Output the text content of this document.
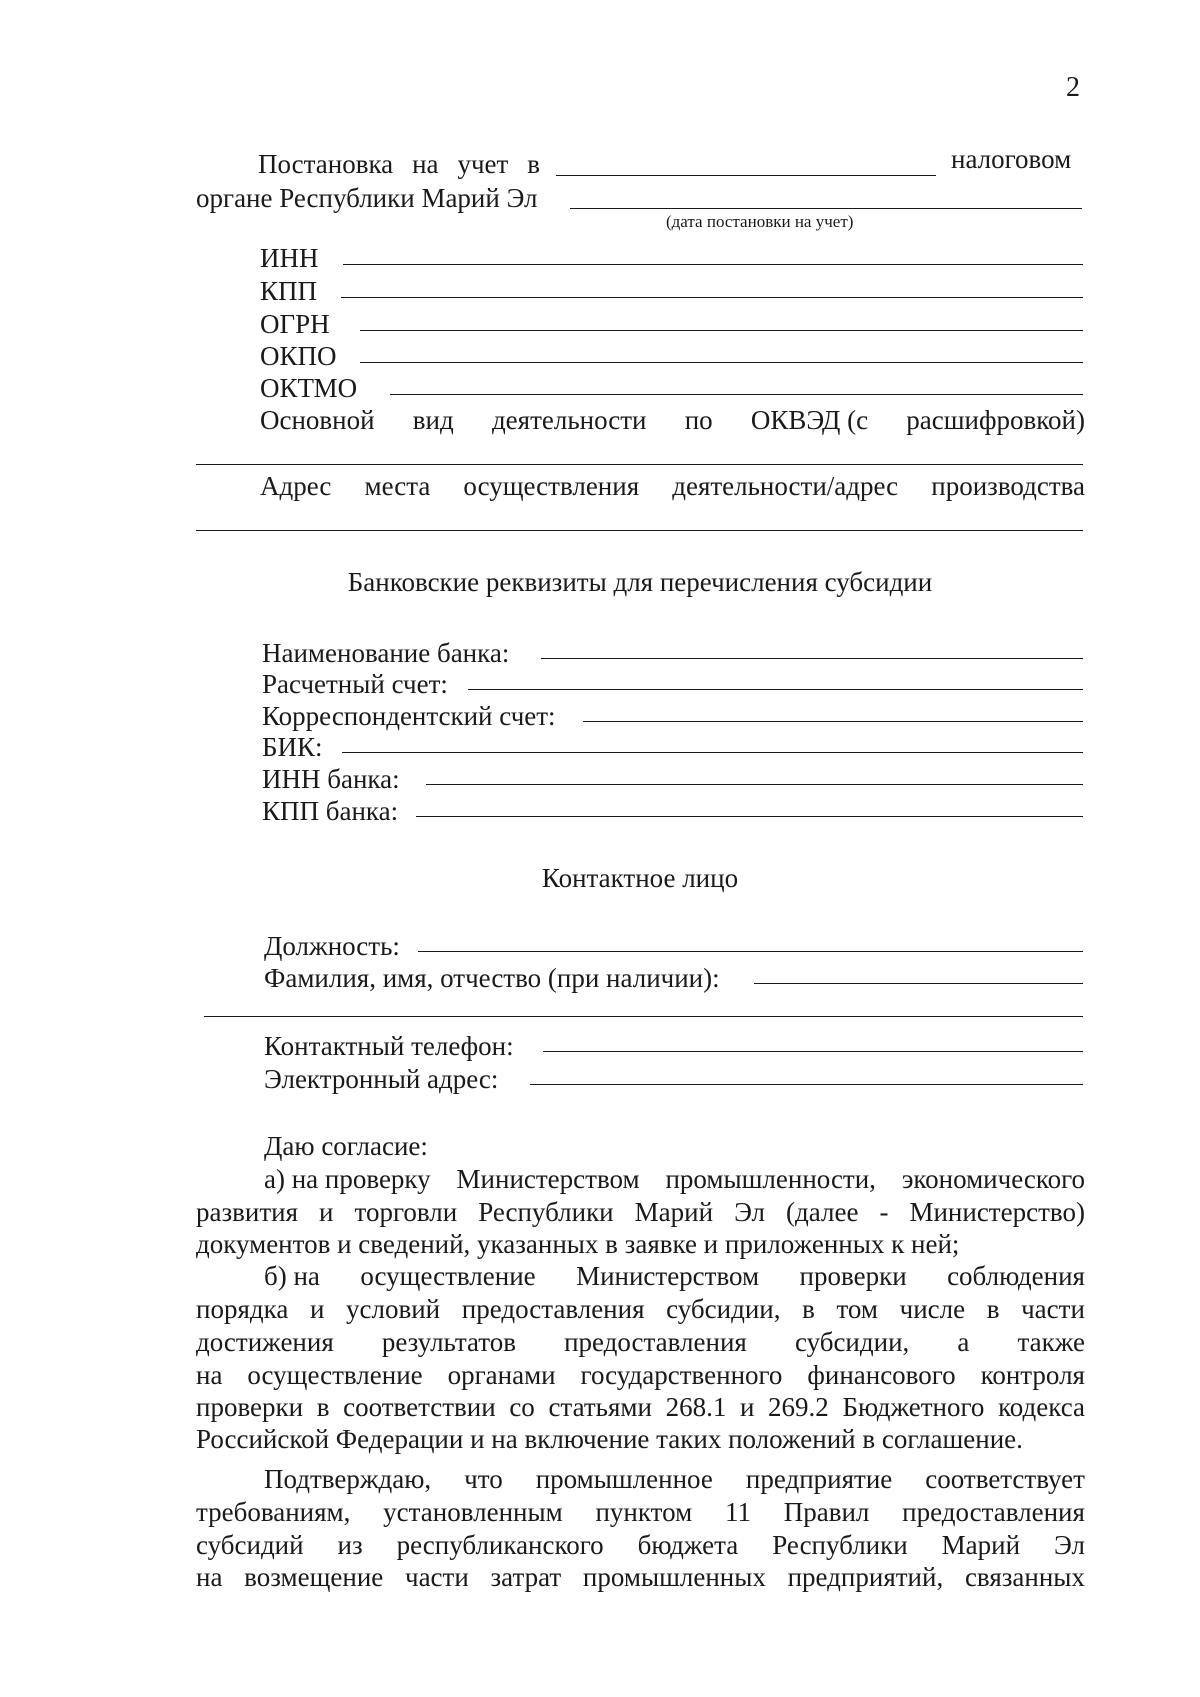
2
Постановка на учет в	налоговом
органе Республики Марий Эл
(дата постановки на учет)
ИНН
КПП
ОГРН
ОКПО
ОКТМО
Основной вид деятельности по ОКВЭД (с расшифровкой)
Адрес места осуществления деятельности/адрес производства
Банковские реквизиты для перечисления субсидии
Наименование банка:
Расчетный счет:
Корреспондентский счет:
БИК:
ИНН банка:
КПП банка:
Контактное лицо
Должность:
Фамилия, имя, отчество (при наличии):
Контактный телефон:
Электронный адрес:
Даю согласие:
а) на проверку Министерством промышленности, экономического
развития и торговли Республики Марий Эл (далее - Министерство)
документов и сведений, указанных в заявке и приложенных к ней;
б) на осуществление Министерством проверки соблюдения
порядка и условий предоставления субсидии, в том числе в части
достижения результатов предоставления субсидии, а также
на осуществление органами государственного финансового контроля
проверки в соответствии со статьями 268.1 и 269.2 Бюджетного кодекса
Российской Федерации и на включение таких положений в соглашение.
Подтверждаю, что промышленное предприятие соответствует
требованиям, установленным пунктом 11 Правил предоставления
субсидий из республиканского бюджета Республики Марий Эл
на возмещение части затрат промышленных предприятий, связанных
